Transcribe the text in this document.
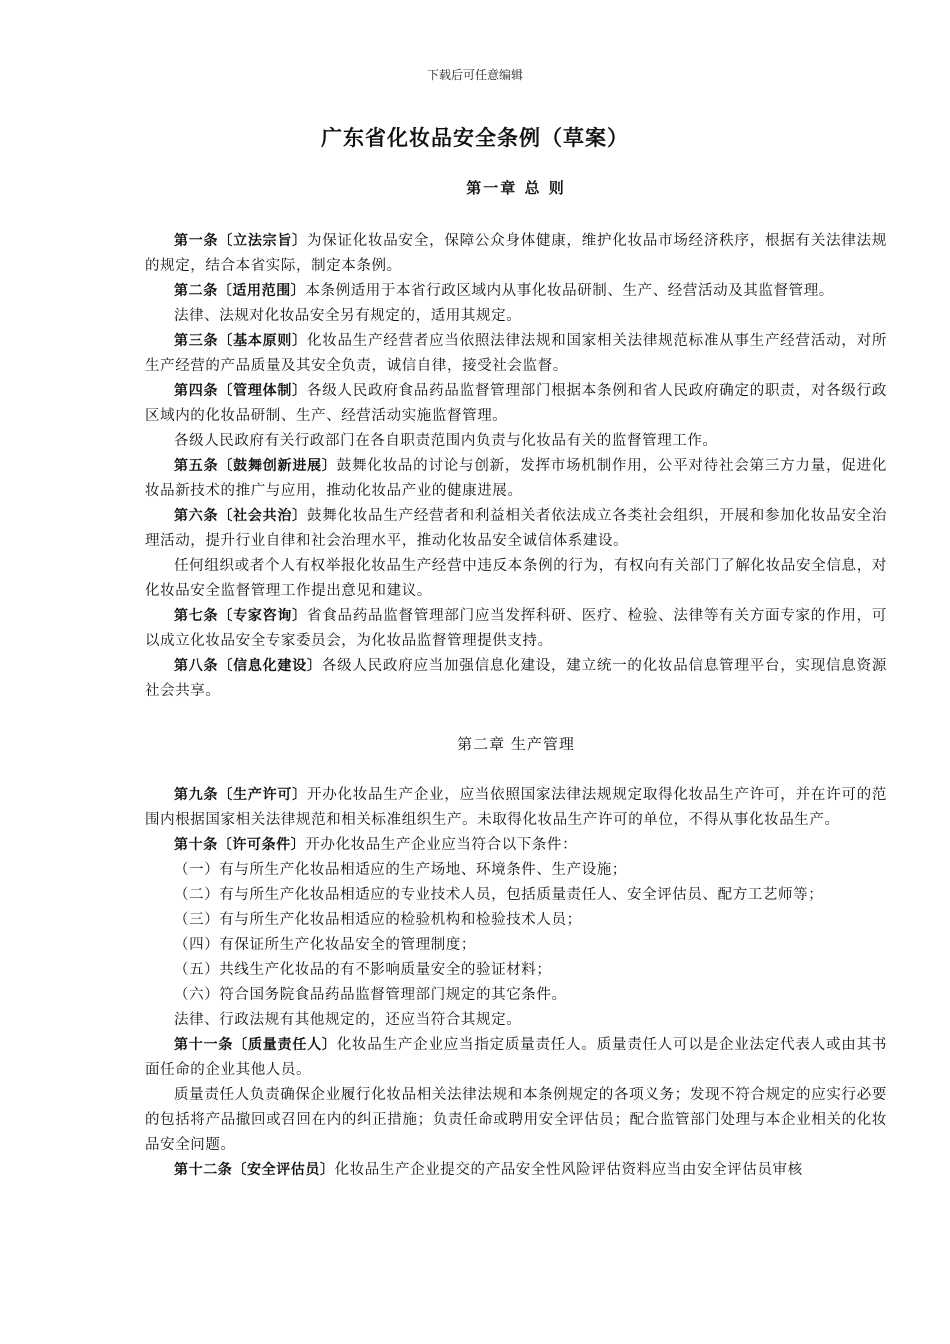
下载后可任意编辑
广东省化妆品安全条例（草案）
第一章 总 则

第一条〔立法宗旨〕为保证化妆品安全，保障公众身体健康，维护化妆品市场经济秩序，根据有关法律法规的规定，结合本省实际，制定本条例。

第二条〔适用范围〕本条例适用于本省行政区域内从事化妆品研制、生产、经营活动及其监督管理。

法律、法规对化妆品安全另有规定的，适用其规定。

第三条〔基本原则〕化妆品生产经营者应当依照法律法规和国家相关法律规范标准从事生产经营活动，对所生产经营的产品质量及其安全负责，诚信自律，接受社会监督。

第四条〔管理体制〕各级人民政府食品药品监督管理部门根据本条例和省人民政府确定的职责，对各级行政区域内的化妆品研制、生产、经营活动实施监督管理。

各级人民政府有关行政部门在各自职责范围内负责与化妆品有关的监督管理工作。

第五条〔鼓舞创新进展〕鼓舞化妆品的讨论与创新，发挥市场机制作用，公平对待社会第三方力量，促进化妆品新技术的推广与应用，推动化妆品产业的健康进展。

第六条〔社会共治〕鼓舞化妆品生产经营者和利益相关者依法成立各类社会组织，开展和参加化妆品安全治理活动，提升行业自律和社会治理水平，推动化妆品安全诚信体系建设。

任何组织或者个人有权举报化妆品生产经营中违反本条例的行为，有权向有关部门了解化妆品安全信息，对化妆品安全监督管理工作提出意见和建议。

第七条〔专家咨询〕省食品药品监督管理部门应当发挥科研、医疗、检验、法律等有关方面专家的作用，可以成立化妆品安全专家委员会，为化妆品监督管理提供支持。

第八条〔信息化建设〕各级人民政府应当加强信息化建设，建立统一的化妆品信息管理平台，实现信息资源社会共享。

第二章 生产管理

第九条〔生产许可〕开办化妆品生产企业，应当依照国家法律法规规定取得化妆品生产许可，并在许可的范围内根据国家相关法律规范和相关标准组织生产。未取得化妆品生产许可的单位，不得从事化妆品生产。

第十条〔许可条件〕开办化妆品生产企业应当符合以下条件：

（一）有与所生产化妆品相适应的生产场地、环境条件、生产设施；

（二）有与所生产化妆品相适应的专业技术人员，包括质量责任人、安全评估员、配方工艺师等；

（三）有与所生产化妆品相适应的检验机构和检验技术人员；

（四）有保证所生产化妆品安全的管理制度；

（五）共线生产化妆品的有不影响质量安全的验证材料；

（六）符合国务院食品药品监督管理部门规定的其它条件。

法律、行政法规有其他规定的，还应当符合其规定。

第十一条〔质量责任人〕化妆品生产企业应当指定质量责任人。质量责任人可以是企业法定代表人或由其书面任命的企业其他人员。

质量责任人负责确保企业履行化妆品相关法律法规和本条例规定的各项义务；发现不符合规定的应实行必要的包括将产品撤回或召回在内的纠正措施；负责任命或聘用安全评估员；配合监管部门处理与本企业相关的化妆品安全问题。

第十二条〔安全评估员〕化妆品生产企业提交的产品安全性风险评估资料应当由安全评估员审核
